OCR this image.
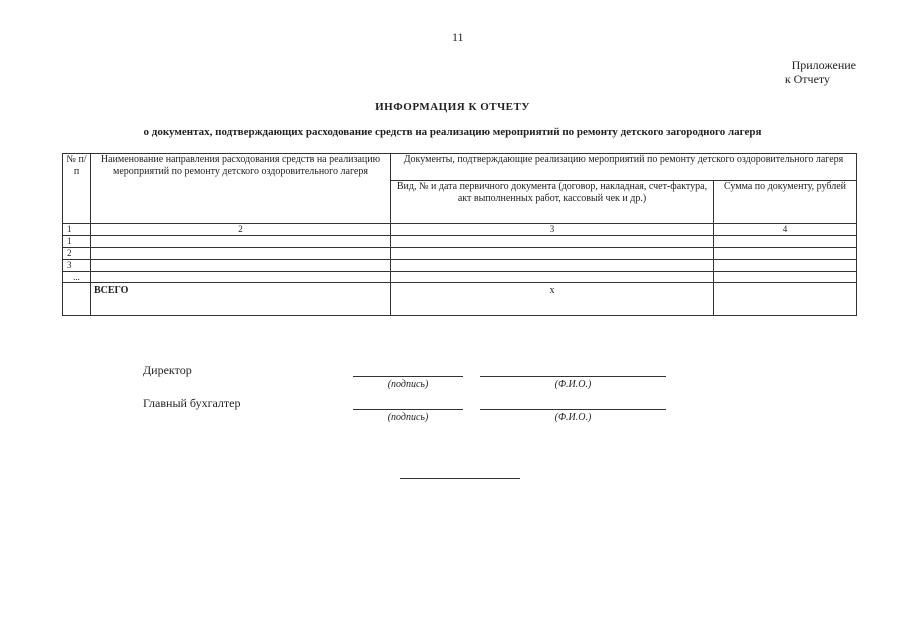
11
Приложение
к Отчету
ИНФОРМАЦИЯ К ОТЧЕТУ
о документах, подтверждающих расходование средств на реализацию мероприятий по ремонту детского загородного лагеря
№ п/п	Наименование направления расходования средств на реализацию мероприятий по ремонту детского оздоровительного лагеря	Документы, подтверждающие реализацию мероприятий по ремонту детского оздоровительного лагеря	
		Вид, № и дата первичного документа (договор, накладная, счет-фактура, акт выполненных работ, кассовый чек и др.)	Сумма по документу, рублей
1	2	3	4
1			
2			
3			
...			
	ВСЕГО	x	
Директор
(подпись)	(Ф.И.О.)
Главный бухгалтер
(подпись)	(Ф.И.О.)
